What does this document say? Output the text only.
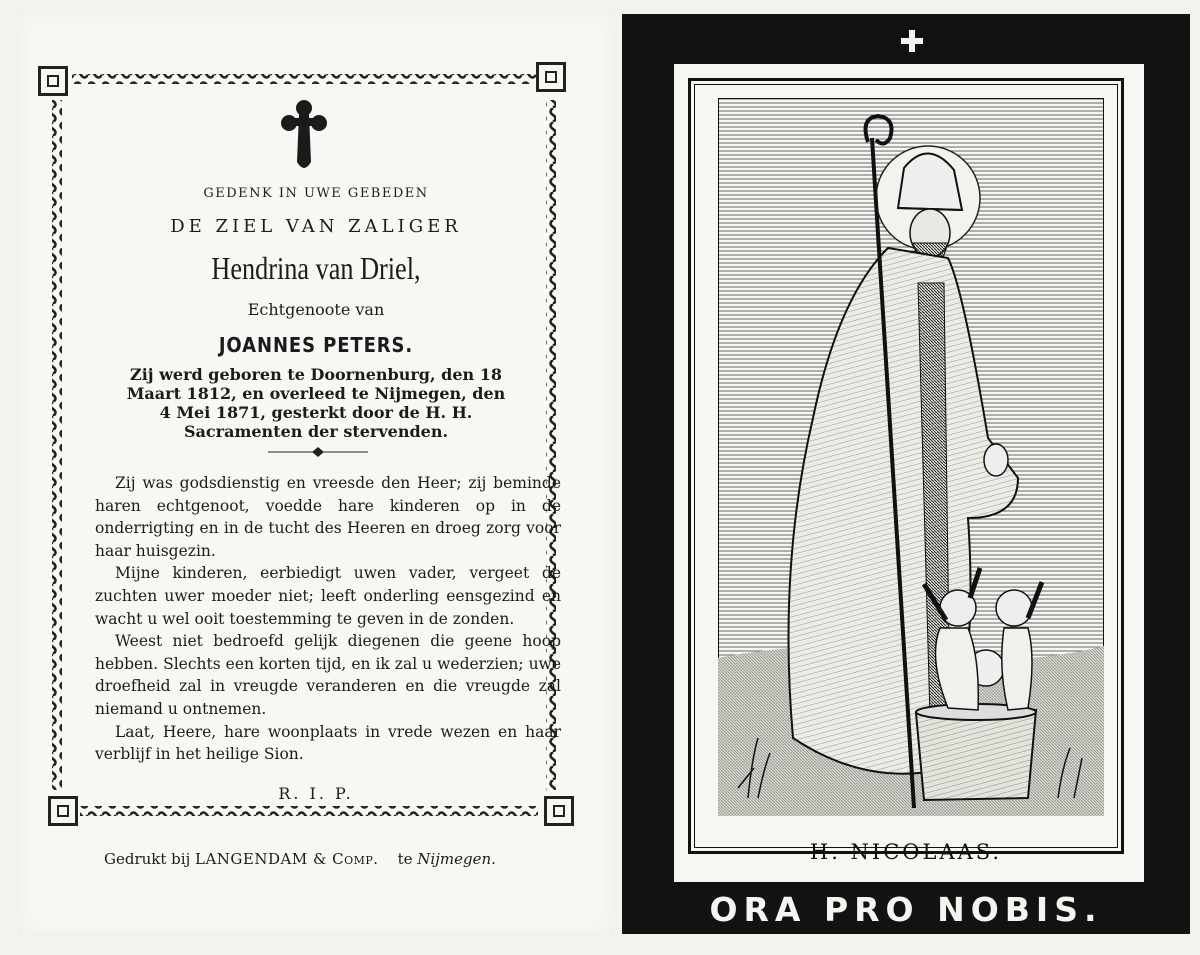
GEDENK IN UWE GEBEDEN
DE ZIEL VAN ZALIGER
Hendrina van Driel,
Echtgenoote van
JOANNES PETERS.
Zij werd geboren te Doornenburg, den 18
Maart 1812, en overleed te Nijmegen, den
4 Mei 1871, gesterkt door de H. H.
Sacramenten der stervenden.

Zij was godsdienstig en vreesde den Heer; zij beminde haren echtgenoot, voedde hare kinderen op in de onderrigting en in de tucht des Heeren en droeg zorg voor haar huisgezin.

Mijne kinderen, eerbiedigt uwen vader, vergeet de zuchten uwer moeder niet; leeft onderling eensgezind en wacht u wel ooit toestemming te geven in de zonden.

Weest niet bedroefd gelijk diegenen die geene hoop hebben. Slechts een korten tijd, en ik zal u wederzien; uwe droefheid zal in vreugde veranderen en die vreugde zal niemand u ontnemen.

Laat, Heere, hare woonplaats in vrede wezen en haar verblijf in het heilige Sion.

R. I. P.
Gedrukt bij LANGENDAM & Comp. te Nijmegen.	H. NICOLAAS.
ORA PRO NOBIS.
